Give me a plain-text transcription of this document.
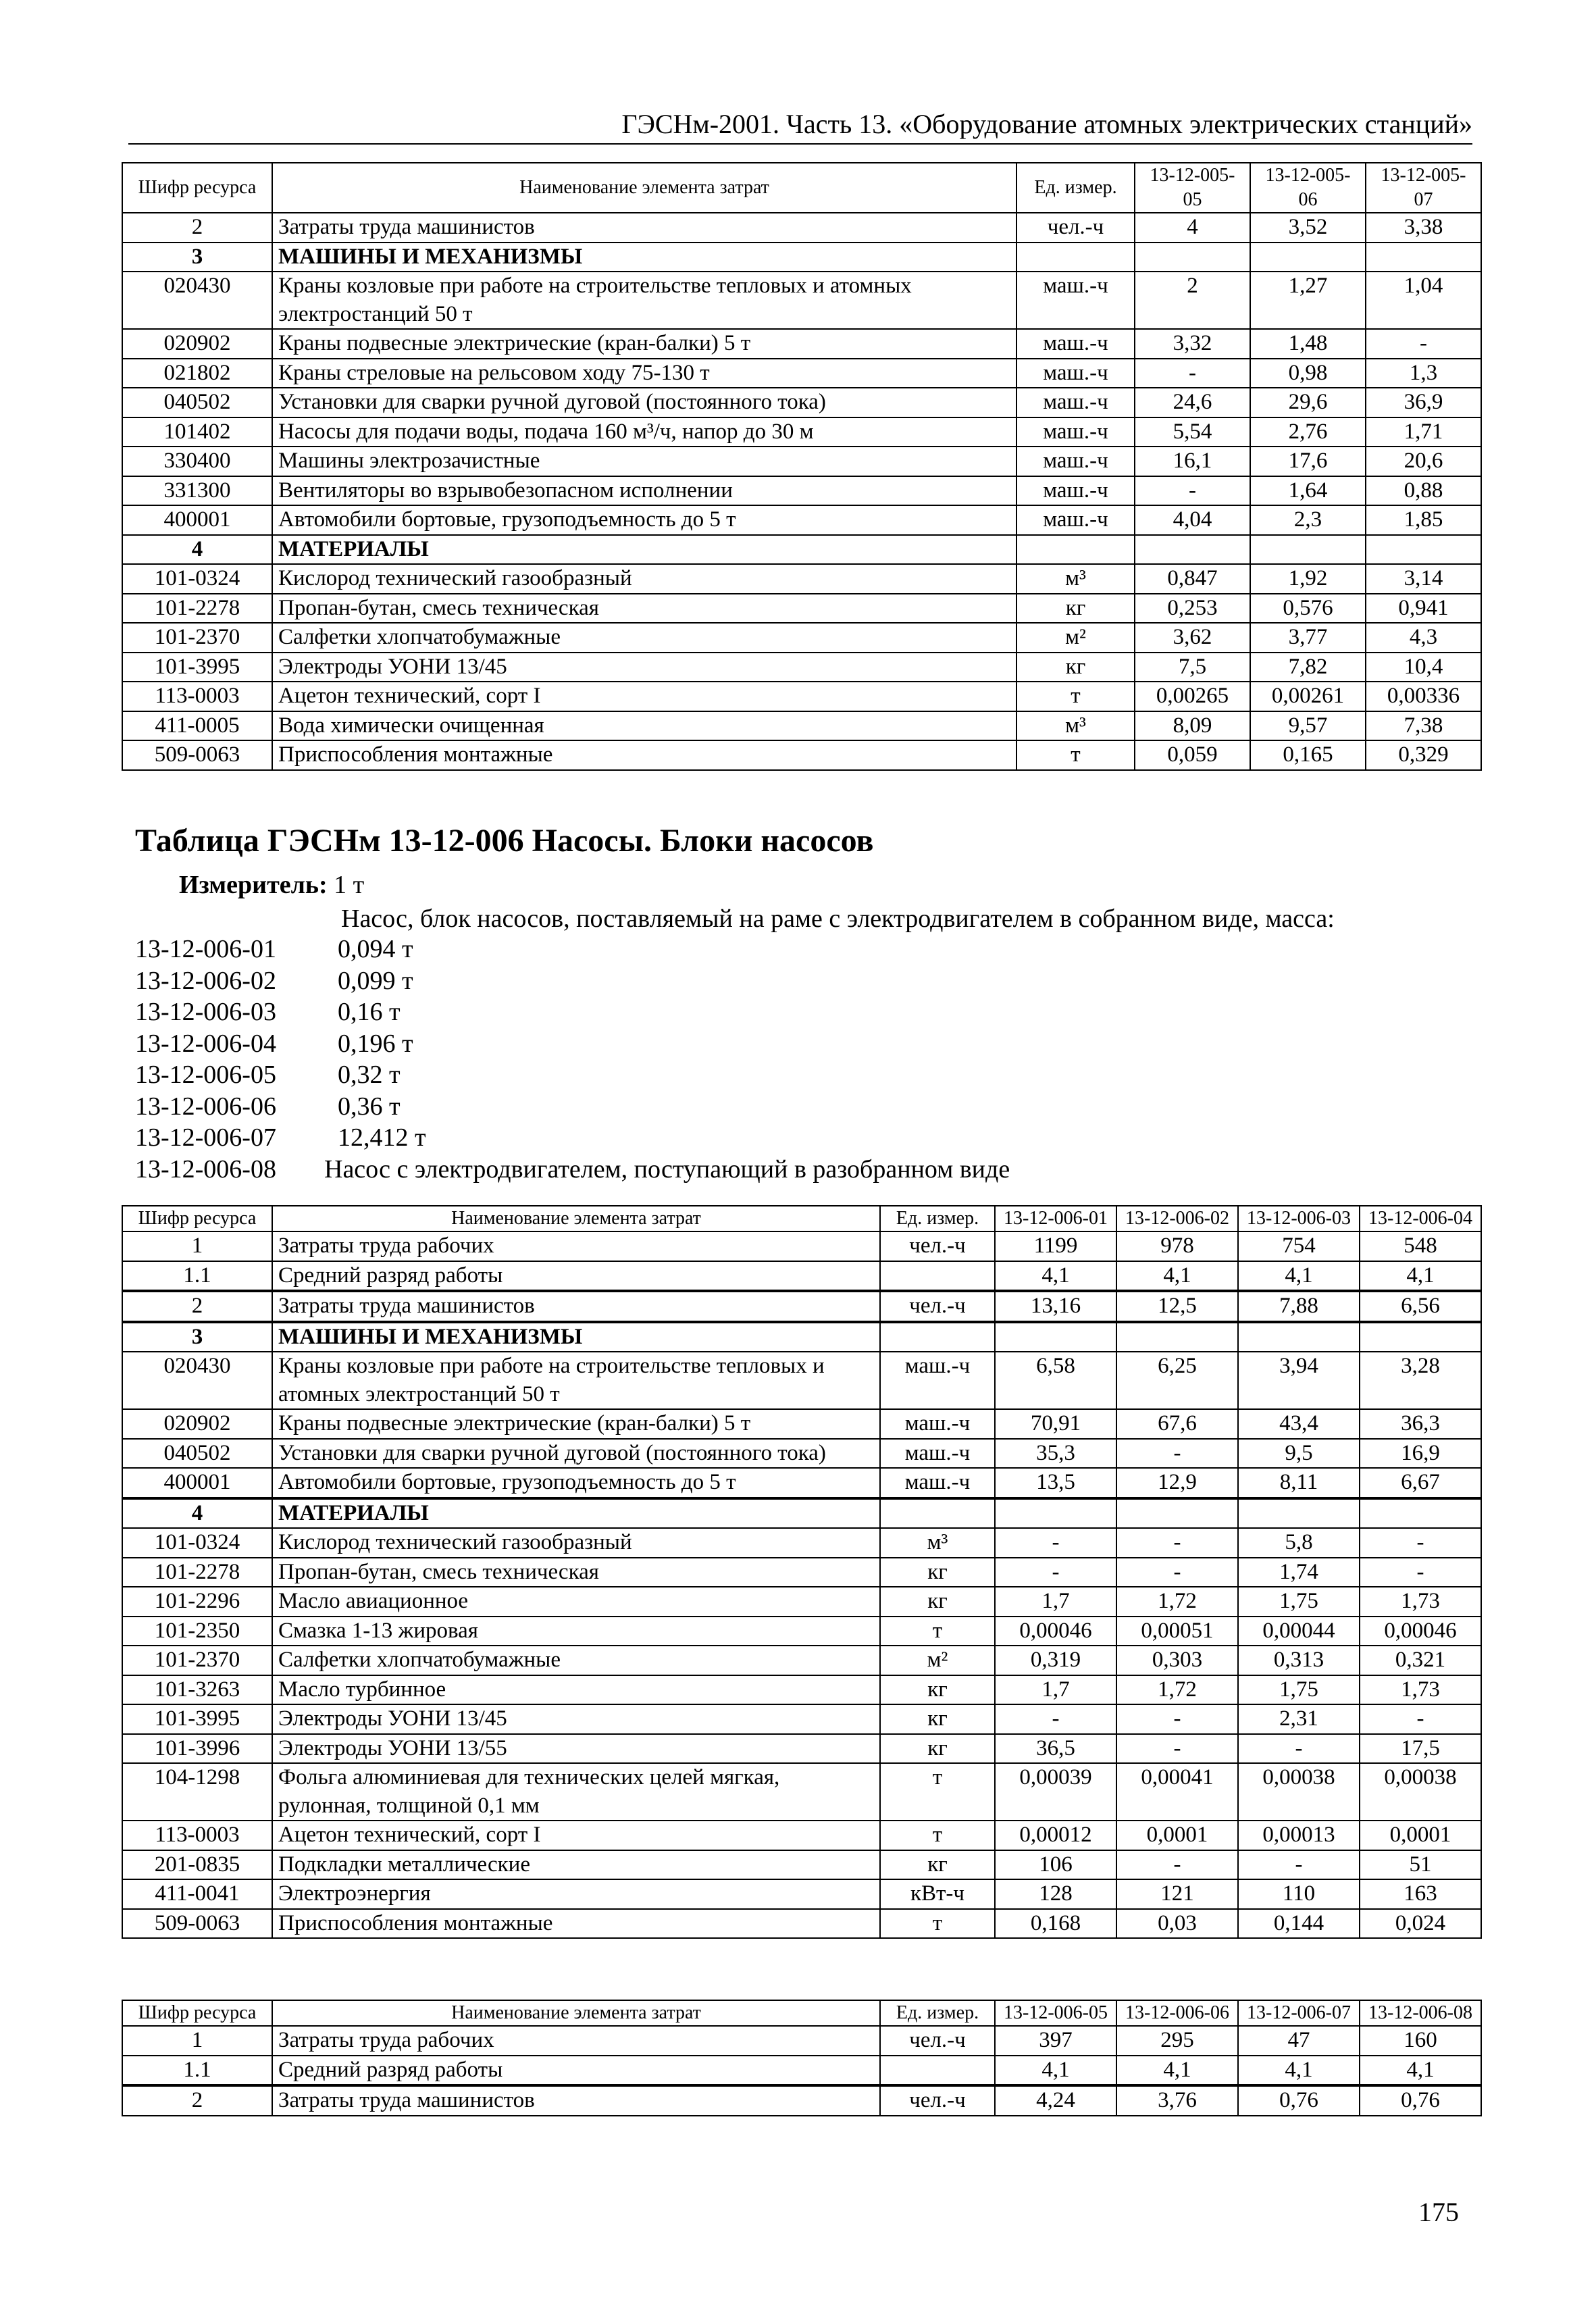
ГЭСНм-2001. Часть 13. «Оборудование атомных электрических станций»
Шифр ресурса	Наименование элемента затрат	Ед. измер.	13-12-005-05	13-12-005-06	13-12-005-07
2	Затраты труда машинистов	чел.-ч	4	3,52	3,38
3	МАШИНЫ И МЕХАНИЗМЫ				
020430	Краны козловые при работе на строительстве тепловых и атомных электростанций 50 т	маш.-ч	2	1,27	1,04
020902	Краны подвесные электрические (кран-балки) 5 т	маш.-ч	3,32	1,48	-
021802	Краны стреловые на рельсовом ходу 75-130 т	маш.-ч	-	0,98	1,3
040502	Установки для сварки ручной дуговой (постоянного тока)	маш.-ч	24,6	29,6	36,9
101402	Насосы для подачи воды, подача 160 м³/ч, напор до 30 м	маш.-ч	5,54	2,76	1,71
330400	Машины электрозачистные	маш.-ч	16,1	17,6	20,6
331300	Вентиляторы во взрывобезопасном исполнении	маш.-ч	-	1,64	0,88
400001	Автомобили бортовые, грузоподъемность до 5 т	маш.-ч	4,04	2,3	1,85
4	МАТЕРИАЛЫ				
101-0324	Кислород технический газообразный	м³	0,847	1,92	3,14
101-2278	Пропан-бутан, смесь техническая	кг	0,253	0,576	0,941
101-2370	Салфетки хлопчатобумажные	м²	3,62	3,77	4,3
101-3995	Электроды УОНИ 13/45	кг	7,5	7,82	10,4
113-0003	Ацетон технический, сорт I	т	0,00265	0,00261	0,00336
411-0005	Вода химически очищенная	м³	8,09	9,57	7,38
509-0063	Приспособления монтажные	т	0,059	0,165	0,329
Таблица ГЭСНм 13-12-006 Насосы. Блоки насосов
Измеритель: 1 т
Насос, блок насосов, поставляемый на раме с электродвигателем в собранном виде, масса:
13-12-006-01	0,094 т
13-12-006-02	0,099 т
13-12-006-03	0,16 т
13-12-006-04	0,196 т
13-12-006-05	0,32 т
13-12-006-06	0,36 т
13-12-006-07	12,412 т
13-12-006-08	Насос с электродвигателем, поступающий в разобранном виде
Шифр ресурса	Наименование элемента затрат	Ед. измер.	13-12-006-01	13-12-006-02	13-12-006-03	13-12-006-04
1	Затраты труда рабочих	чел.-ч	1199	978	754	548
1.1	Средний разряд работы		4,1	4,1	4,1	4,1
2	Затраты труда машинистов	чел.-ч	13,16	12,5	7,88	6,56
3	МАШИНЫ И МЕХАНИЗМЫ					
020430	Краны козловые при работе на строительстве тепловых и атомных электростанций 50 т	маш.-ч	6,58	6,25	3,94	3,28
020902	Краны подвесные электрические (кран-балки) 5 т	маш.-ч	70,91	67,6	43,4	36,3
040502	Установки для сварки ручной дуговой (постоянного тока)	маш.-ч	35,3	-	9,5	16,9
400001	Автомобили бортовые, грузоподъемность до 5 т	маш.-ч	13,5	12,9	8,11	6,67
4	МАТЕРИАЛЫ					
101-0324	Кислород технический газообразный	м³	-	-	5,8	-
101-2278	Пропан-бутан, смесь техническая	кг	-	-	1,74	-
101-2296	Масло авиационное	кг	1,7	1,72	1,75	1,73
101-2350	Смазка 1-13 жировая	т	0,00046	0,00051	0,00044	0,00046
101-2370	Салфетки хлопчатобумажные	м²	0,319	0,303	0,313	0,321
101-3263	Масло турбинное	кг	1,7	1,72	1,75	1,73
101-3995	Электроды УОНИ 13/45	кг	-	-	2,31	-
101-3996	Электроды УОНИ 13/55	кг	36,5	-	-	17,5
104-1298	Фольга алюминиевая для технических целей мягкая, рулонная, толщиной 0,1 мм	т	0,00039	0,00041	0,00038	0,00038
113-0003	Ацетон технический, сорт I	т	0,00012	0,0001	0,00013	0,0001
201-0835	Подкладки металлические	кг	106	-	-	51
411-0041	Электроэнергия	кВт-ч	128	121	110	163
509-0063	Приспособления монтажные	т	0,168	0,03	0,144	0,024
Шифр ресурса	Наименование элемента затрат	Ед. измер.	13-12-006-05	13-12-006-06	13-12-006-07	13-12-006-08
1	Затраты труда рабочих	чел.-ч	397	295	47	160
1.1	Средний разряд работы		4,1	4,1	4,1	4,1
2	Затраты труда машинистов	чел.-ч	4,24	3,76	0,76	0,76
175
